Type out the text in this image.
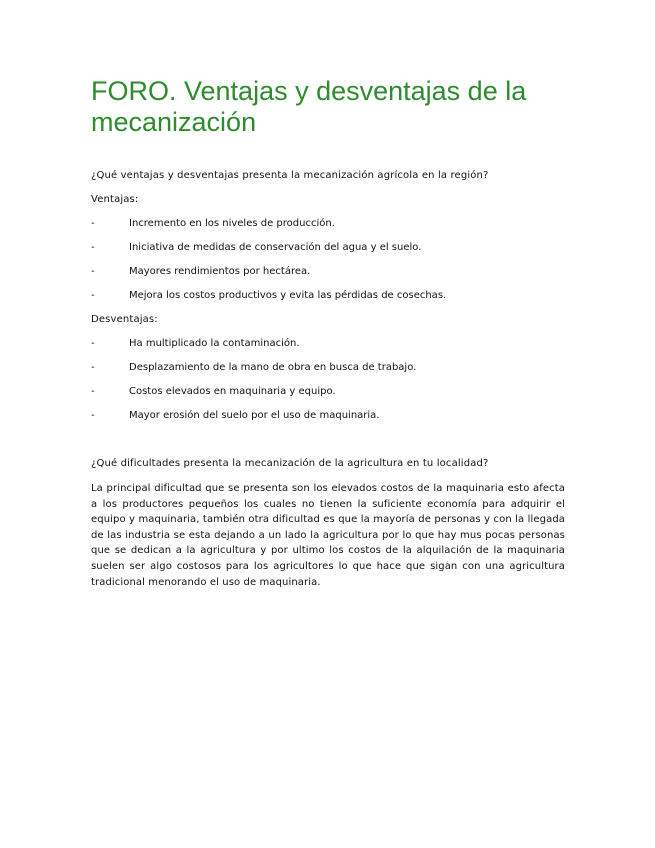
FORO. Ventajas y desventajas de la mecanización
¿Qué ventajas y desventajas presenta la mecanización agrícola en la región?
Ventajas:
-	Incremento en los niveles de producción.
-	Iniciativa de medidas de conservación del agua y el suelo.
-	Mayores rendimientos por hectárea.
-	Mejora los costos productivos y evita las pérdidas de cosechas.
Desventajas:
-	Ha multiplicado la contaminación.
-	Desplazamiento de la mano de obra en busca de trabajo.
-	Costos elevados en maquinaria y equipo.
-	Mayor erosión del suelo por el uso de maquinaria.
¿Qué dificultades presenta la mecanización de la agricultura en tu localidad?

La principal dificultad que se presenta son los elevados costos de la maquinaria esto afecta a los productores pequeños los cuales no tienen la suficiente economía para adquirir el equipo y maquinaria, también otra dificultad es que la mayoría de personas y con la llegada de las industria se esta dejando a un lado la agricultura por lo que hay mus pocas personas que se dedican a la agricultura y por ultimo los costos de la alquilación de la maquinaria suelen ser algo costosos para los agricultores lo que hace que sigan con una agricultura tradicional menorando el uso de maquinaria.
